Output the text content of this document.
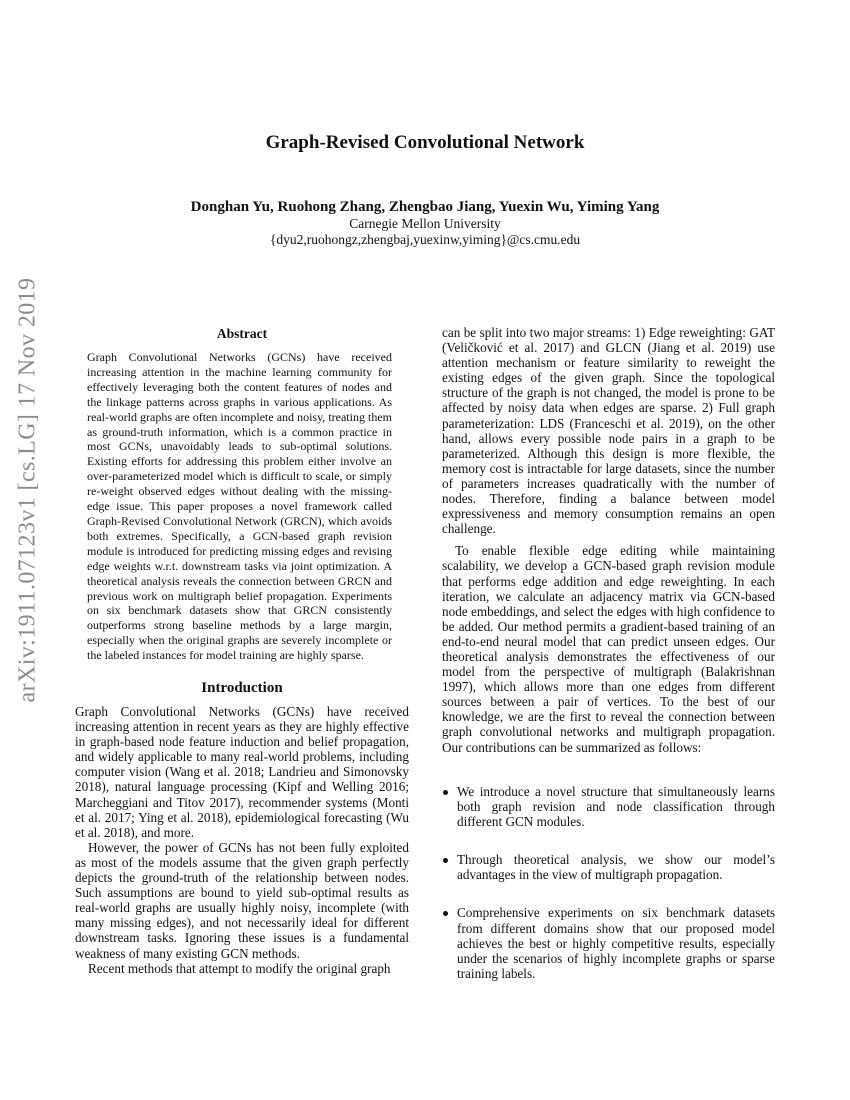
arXiv:1911.07123v1 [cs.LG] 17 Nov 2019
Graph-Revised Convolutional Network
Donghan Yu, Ruohong Zhang, Zhengbao Jiang, Yuexin Wu, Yiming Yang
Carnegie Mellon University
{dyu2,ruohongz,zhengbaj,yuexinw,yiming}@cs.cmu.edu
Abstract
Graph Convolutional Networks (GCNs) have received increasing attention in the machine learning community for effectively leveraging both the content features of nodes and the linkage patterns across graphs in various applications. As real-world graphs are often incomplete and noisy, treating them as ground-truth information, which is a common practice in most GCNs, unavoidably leads to sub-optimal solutions. Existing efforts for addressing this problem either involve an over-parameterized model which is difficult to scale, or simply re-weight observed edges without dealing with the missing-edge issue. This paper proposes a novel framework called Graph-Revised Convolutional Network (GRCN), which avoids both extremes. Specifically, a GCN-based graph revision module is introduced for predicting missing edges and revising edge weights w.r.t. downstream tasks via joint optimization. A theoretical analysis reveals the connection between GRCN and previous work on multigraph belief propagation. Experiments on six benchmark datasets show that GRCN consistently outperforms strong baseline methods by a large margin, especially when the original graphs are severely incomplete or the labeled instances for model training are highly sparse.
Introduction

Graph Convolutional Networks (GCNs) have received increasing attention in recent years as they are highly effective in graph-based node feature induction and belief propagation, and widely applicable to many real-world problems, including computer vision (Wang et al. 2018; Landrieu and Simonovsky 2018), natural language processing (Kipf and Welling 2016; Marcheggiani and Titov 2017), recommender systems (Monti et al. 2017; Ying et al. 2018), epidemiological forecasting (Wu et al. 2018), and more.

However, the power of GCNs has not been fully exploited as most of the models assume that the given graph perfectly depicts the ground-truth of the relationship between nodes. Such assumptions are bound to yield sub-optimal results as real-world graphs are usually highly noisy, incomplete (with many missing edges), and not necessarily ideal for different downstream tasks. Ignoring these issues is a fundamental weakness of many existing GCN methods.

Recent methods that attempt to modify the original graph

can be split into two major streams: 1) Edge reweighting: GAT (Veličković et al. 2017) and GLCN (Jiang et al. 2019) use attention mechanism or feature similarity to reweight the existing edges of the given graph. Since the topological structure of the graph is not changed, the model is prone to be affected by noisy data when edges are sparse. 2) Full graph parameterization: LDS (Franceschi et al. 2019), on the other hand, allows every possible node pairs in a graph to be parameterized. Although this design is more flexible, the memory cost is intractable for large datasets, since the number of parameters increases quadratically with the number of nodes. Therefore, finding a balance between model expressiveness and memory consumption remains an open challenge.

To enable flexible edge editing while maintaining scalability, we develop a GCN-based graph revision module that performs edge addition and edge reweighting. In each iteration, we calculate an adjacency matrix via GCN-based node embeddings, and select the edges with high confidence to be added. Our method permits a gradient-based training of an end-to-end neural model that can predict unseen edges. Our theoretical analysis demonstrates the effectiveness of our model from the perspective of multigraph (Balakrishnan 1997), which allows more than one edges from different sources between a pair of vertices. To the best of our knowledge, we are the first to reveal the connection between graph convolutional networks and multigraph propagation. Our contributions can be summarized as follows:

We introduce a novel structure that simultaneously learns both graph revision and node classification through different GCN modules.
Through theoretical analysis, we show our model’s advantages in the view of multigraph propagation.
Comprehensive experiments on six benchmark datasets from different domains show that our proposed model achieves the best or highly competitive results, especially under the scenarios of highly incomplete graphs or sparse training labels.
